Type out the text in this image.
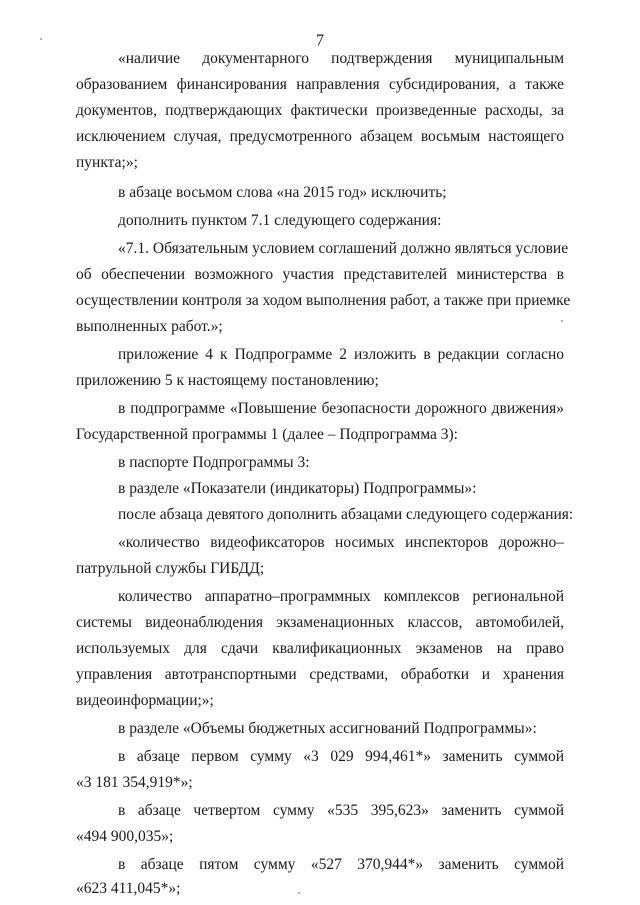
7
«наличие документарного подтверждения муниципальным
образованием финансирования направления субсидирования, а также
документов, подтверждающих фактически произведенные расходы, за
исключением случая, предусмотренного абзацем восьмым настоящего
пункта;»;
в абзаце восьмом слова «на 2015 год» исключить;
дополнить пунктом 7.1 следующего содержания:
«7.1. Обязательным условием соглашений должно являться условие
об обеспечении возможного участия представителей министерства в
осуществлении контроля за ходом выполнения работ, а также при приемке
выполненных работ.»;
приложение 4 к Подпрограмме 2 изложить в редакции согласно
приложению 5 к настоящему постановлению;
в подпрограмме «Повышение безопасности дорожного движения»
Государственной программы 1 (далее – Подпрограмма 3):
в паспорте Подпрограммы 3:
в разделе «Показатели (индикаторы) Подпрограммы»:
после абзаца девятого дополнить абзацами следующего содержания:
«количество видеофиксаторов носимых инспекторов дорожно–
патрульной службы ГИБДД;
количество аппаратно–программных комплексов региональной
системы видеонаблюдения экзаменационных классов, автомобилей,
используемых для сдачи квалификационных экзаменов на право
управления автотранспортными средствами, обработки и хранения
видеоинформации;»;
в разделе «Объемы бюджетных ассигнований Подпрограммы»:
в абзаце первом сумму «3 029 994,461*» заменить суммой
«3 181 354,919*»;
в абзаце четвертом сумму «535 395,623» заменить суммой
«494 900,035»;
в абзаце пятом сумму «527 370,944*» заменить суммой
«623 411,045*»;
